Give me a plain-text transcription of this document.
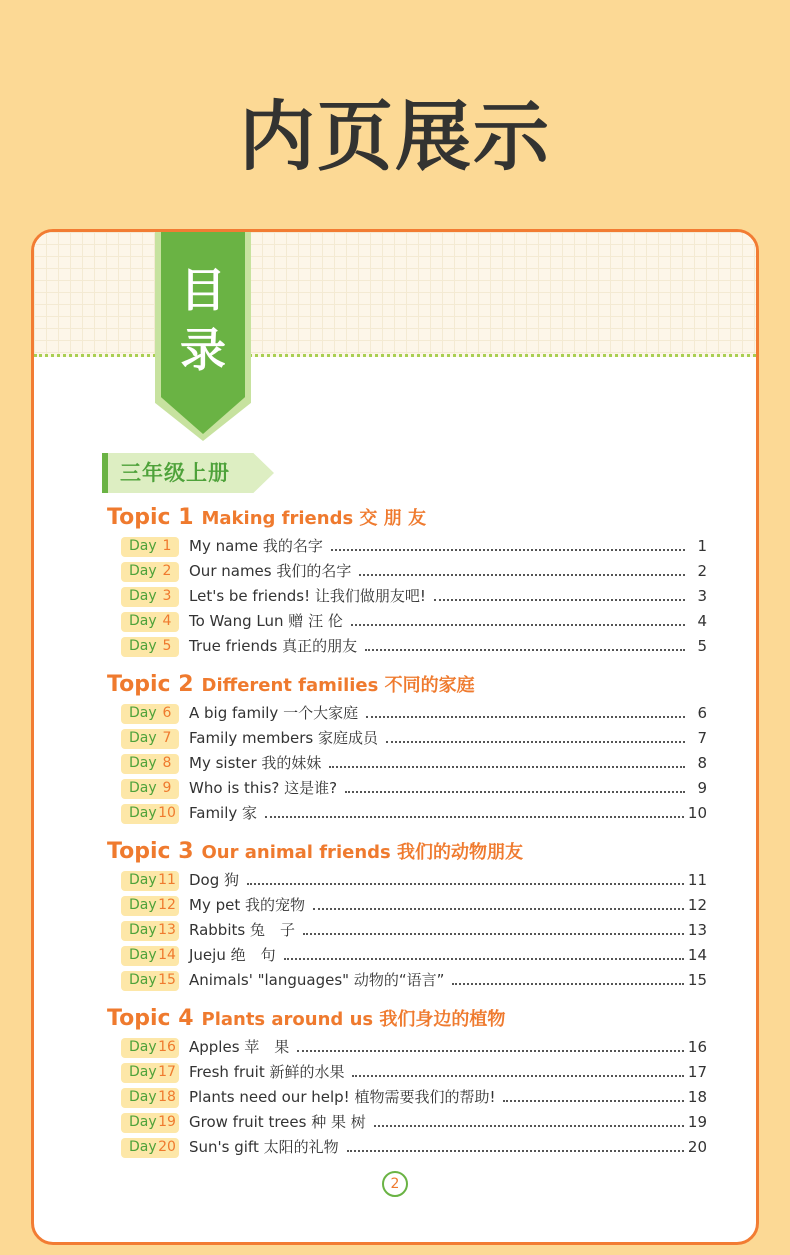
内页展示
目
录
三年级上册
Topic 1 Making friends 交 朋 友
Day 1	My name 我的名字	1
Day 2	Our names 我们的名字	2
Day 3	Let's be friends! 让我们做朋友吧!	3
Day 4	To Wang Lun 赠 汪 伦	4
Day 5	True friends 真正的朋友	5
Topic 2 Different families 不同的家庭
Day 6	A big family 一个大家庭	6
Day 7	Family members 家庭成员	7
Day 8	My sister 我的妹妹	8
Day 9	Who is this? 这是谁?	9
Day 10 Family 家	10
Topic 3 Our animal friends 我们的动物朋友
Day 11 Dog 狗	11
Day 12 My pet 我的宠物	12
Day 13 Rabbits 兔　子	13
Day 14 Jueju 绝　句	14
Day 15 Animals' "languages" 动物的“语言”	15
Topic 4 Plants around us 我们身边的植物
Day 16 Apples 苹　果	16
Day 17 Fresh fruit 新鲜的水果	17
Day 18 Plants need our help! 植物需要我们的帮助!	18
Day 19 Grow fruit trees 种 果 树	19
Day 20 Sun's gift 太阳的礼物	20
2
